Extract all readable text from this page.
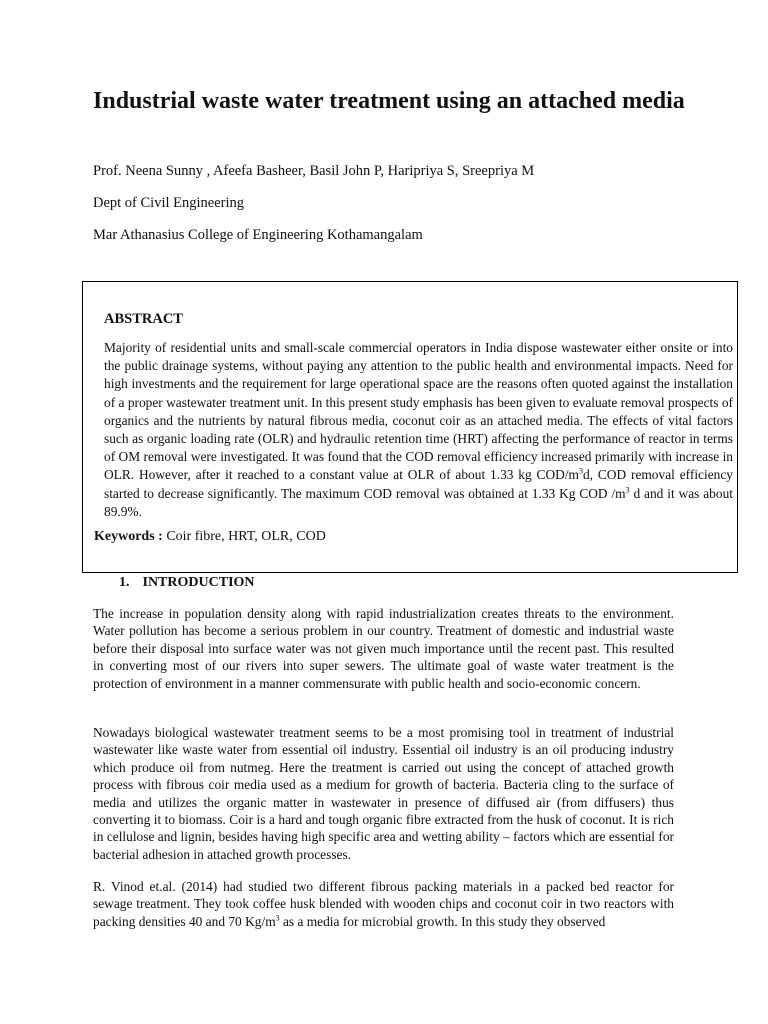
Industrial waste water treatment using an attached media

Prof. Neena Sunny , Afeefa Basheer, Basil John P, Haripriya S, Sreepriya M

Dept of Civil Engineering

Mar Athanasius College of Engineering Kothamangalam

ABSTRACT

Majority of residential units and small-scale commercial operators in India dispose wastewater either onsite or into the public drainage systems, without paying any attention to the public health and environmental impacts. Need for high investments and the requirement for large operational space are the reasons often quoted against the installation of a proper wastewater treatment unit. In this present study emphasis has been given to evaluate removal prospects of organics and the nutrients by natural fibrous media, coconut coir as an attached media. The effects of vital factors such as organic loading rate (OLR) and hydraulic retention time (HRT) affecting the performance of reactor in terms of OM removal were investigated. It was found that the COD removal efficiency increased primarily with increase in OLR. However, after it reached to a constant value at OLR of about 1.33 kg COD/$m^3d$, COD removal efficiency started to decrease significantly. The maximum COD removal was obtained at 1.33 Kg COD $/m^3$ d and it was about 89.9%.

Keywords : Coir fibre, HRT, OLR, COD

1. INTRODUCTION

The increase in population density along with rapid industrialization creates threats to the environment. Water pollution has become a serious problem in our country. Treatment of domestic and industrial waste before their disposal into surface water was not given much importance until the recent past. This resulted in converting most of our rivers into super sewers. The ultimate goal of waste water treatment is the protection of environment in a manner commensurate with public health and socio-economic concern.

Nowadays biological wastewater treatment seems to be a most promising tool in treatment of industrial wastewater like waste water from essential oil industry. Essential oil industry is an oil producing industry which produce oil from nutmeg. Here the treatment is carried out using the concept of attached growth process with fibrous coir media used as a medium for growth of bacteria. Bacteria cling to the surface of media and utilizes the organic matter in wastewater in presence of diffused air (from diffusers) thus converting it to biomass. Coir is a hard and tough organic fibre extracted from the husk of coconut. It is rich in cellulose and lignin, besides having high specific area and wetting ability – factors which are essential for bacterial adhesion in attached growth processes.

R. Vinod et.al. (2014) had studied two different fibrous packing materials in a packed bed reactor for sewage treatment. They took coffee husk blended with wooden chips and coconut coir in two reactors with packing densities 40 and 70 $Kg/m^3$ as a media for microbial growth. In this study they observed
